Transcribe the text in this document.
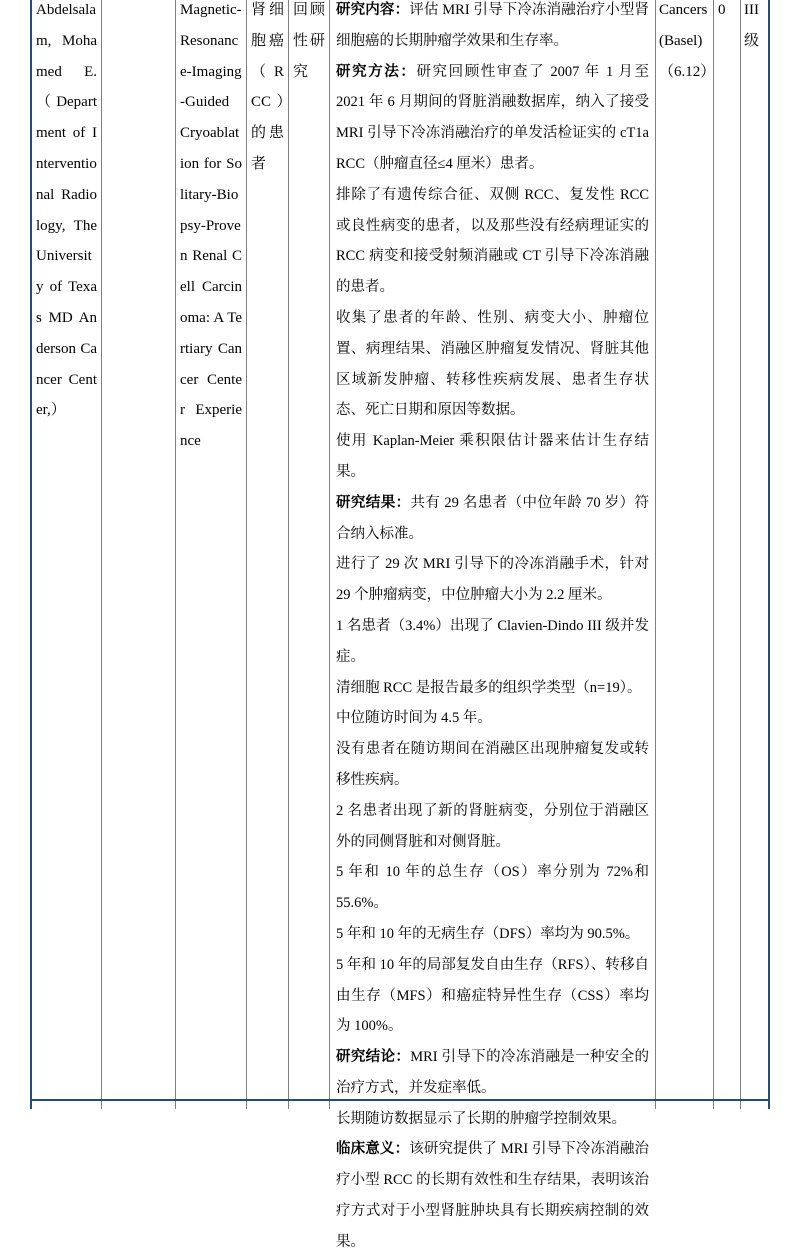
Abdelsalam, Mohamed E.（Department of Interventional Radiology, The University of Texas MD Anderson Cancer Center,）
Magnetic-Resonance-Imaging-Guided Cryoablation for Solitary-Biopsy-Proven Renal Cell Carcinoma: A Tertiary Cancer Center Experience
肾细胞癌（RCC）的患者
回顾性研究

研究内容：评估 MRI 引导下冷冻消融治疗小型肾细胞癌的长期肿瘤学效果和生存率。

研究方法：研究回顾性审查了 2007 年 1 月至 2021 年 6 月期间的肾脏消融数据库，纳入了接受 MRI 引导下冷冻消融治疗的单发活检证实的 cT1a RCC（肿瘤直径≤4 厘米）患者。

排除了有遗传综合征、双侧 RCC、复发性 RCC 或良性病变的患者，以及那些没有经病理证实的 RCC 病变和接受射频消融或 CT 引导下冷冻消融的患者。

收集了患者的年龄、性别、病变大小、肿瘤位置、病理结果、消融区肿瘤复发情况、肾脏其他区域新发肿瘤、转移性疾病发展、患者生存状态、死亡日期和原因等数据。

使用 Kaplan-Meier 乘积限估计器来估计生存结果。

研究结果：共有 29 名患者（中位年龄 70 岁）符合纳入标准。

进行了 29 次 MRI 引导下的冷冻消融手术，针对 29 个肿瘤病变，中位肿瘤大小为 2.2 厘米。

1 名患者（3.4%）出现了 Clavien-Dindo III 级并发症。

清细胞 RCC 是报告最多的组织学类型（n=19）。

中位随访时间为 4.5 年。

没有患者在随访期间在消融区出现肿瘤复发或转移性疾病。

2 名患者出现了新的肾脏病变，分别位于消融区外的同侧肾脏和对侧肾脏。

5 年和 10 年的总生存（OS）率分别为 72%和 55.6%。

5 年和 10 年的无病生存（DFS）率均为 90.5%。

5 年和 10 年的局部复发自由生存（RFS）、转移自由生存（MFS）和癌症特异性生存（CSS）率均为 100%。

研究结论：MRI 引导下的冷冻消融是一种安全的治疗方式，并发症率低。

长期随访数据显示了长期的肿瘤学控制效果。

临床意义：该研究提供了 MRI 引导下冷冻消融治疗小型 RCC 的长期有效性和生存结果，表明该治疗方式对于小型肾脏肿块具有长期疾病控制的效果。

Cancers (Basel)（6.12）
0	III 级
